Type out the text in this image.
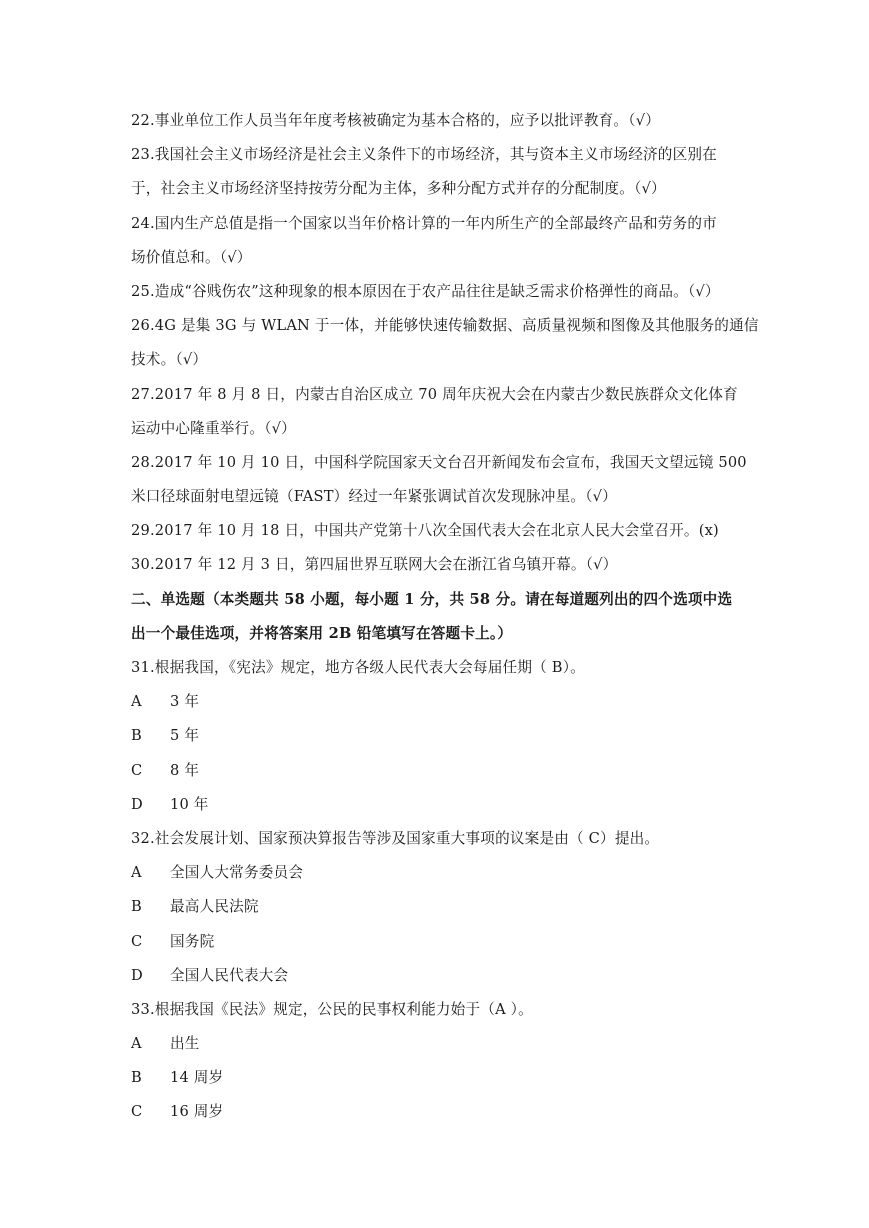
22.事业单位工作人员当年年度考核被确定为基本合格的，应予以批评教育。（√）
23.我国社会主义市场经济是社会主义条件下的市场经济，其与资本主义市场经济的区别在
于，社会主义市场经济坚持按劳分配为主体，多种分配方式并存的分配制度。（√）
24.国内生产总值是指一个国家以当年价格计算的一年内所生产的全部最终产品和劳务的市
场价值总和。（√）
25.造成“谷贱伤农”这种现象的根本原因在于农产品往往是缺乏需求价格弹性的商品。（√）
26.4G 是集 3G 与 WLAN 于一体，并能够快速传输数据、高质量视频和图像及其他服务的通信
技术。（√）
27.2017 年 8 月 8 日，内蒙古自治区成立 70 周年庆祝大会在内蒙古少数民族群众文化体育
运动中心隆重举行。（√）
28.2017 年 10 月 10 日，中国科学院国家天文台召开新闻发布会宣布，我国天文望远镜 500
米口径球面射电望远镜（FAST）经过一年紧张调试首次发现脉冲星。（√）
29.2017 年 10 月 18 日，中国共产党第十八次全国代表大会在北京人民大会堂召开。(x)
30.2017 年 12 月 3 日，第四届世界互联网大会在浙江省乌镇开幕。（√）
二、单选题（本类题共 58 小题，每小题 1 分，共 58 分。请在每道题列出的四个选项中选
出一个最佳选项，并将答案用 2B 铅笔填写在答题卡上。）
31.根据我国，《宪法》规定，地方各级人民代表大会每届任期（ B）。
A	3 年
B	5 年
C	8 年
D	10 年
32.社会发展计划、国家预决算报告等涉及国家重大事项的议案是由（ C）提出。
A	全国人大常务委员会
B	最高人民法院
C	国务院
D	全国人民代表大会
33.根据我国《民法》规定，公民的民事权利能力始于（A ）。
A	出生
B	14 周岁
C	16 周岁
